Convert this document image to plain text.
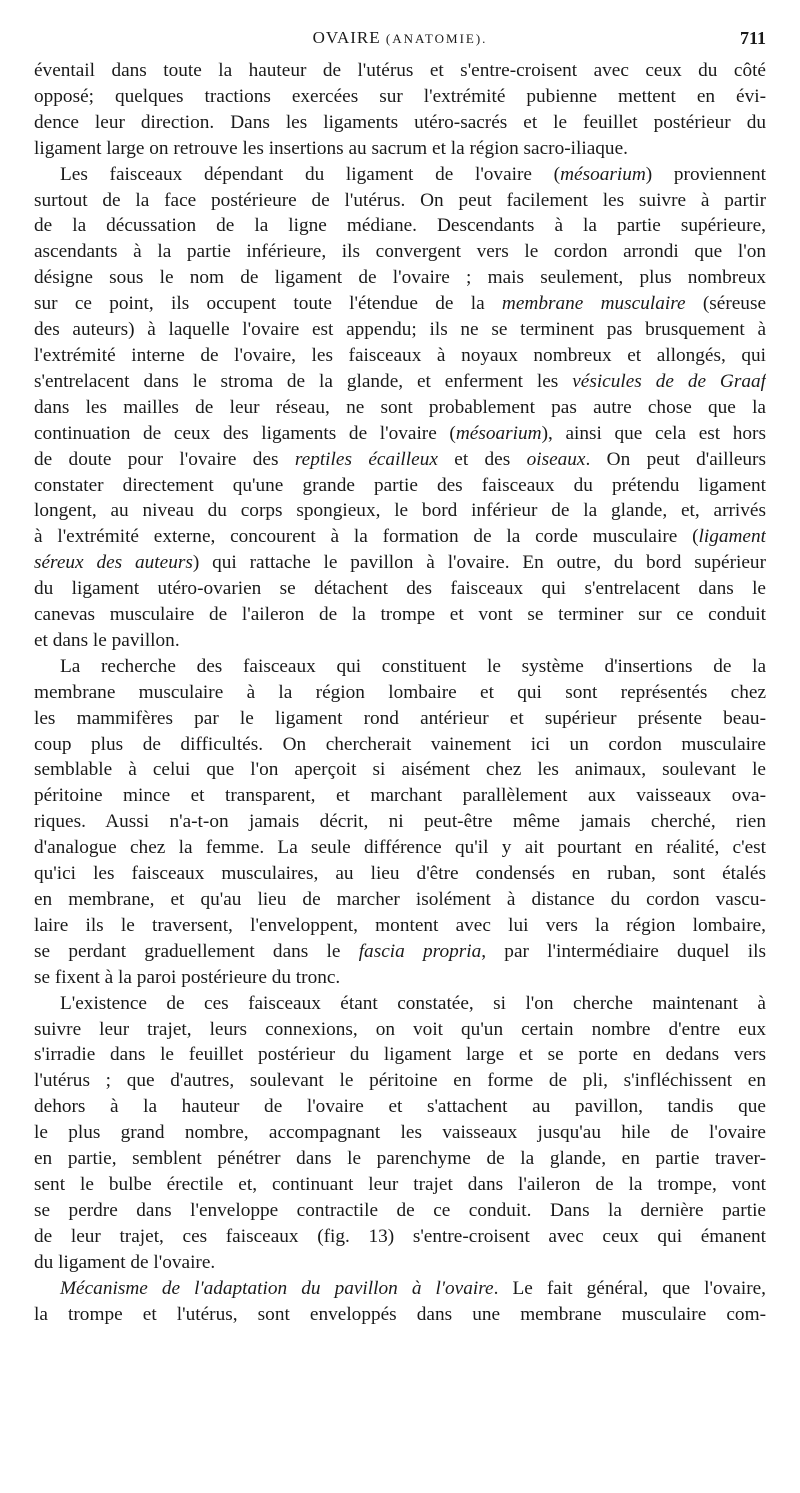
OVAIRE (ANATOMIE).	711
éventail dans toute la hauteur de l'utérus et s'entre-croisent avec ceux du côté
opposé; quelques tractions exercées sur l'extrémité pubienne mettent en évi-
dence leur direction. Dans les ligaments utéro-sacrés et le feuillet postérieur du
ligament large on retrouve les insertions au sacrum et la région sacro-iliaque.
Les faisceaux dépendant du ligament de l'ovaire (mésoarium) proviennent
surtout de la face postérieure de l'utérus. On peut facilement les suivre à partir
de la décussation de la ligne médiane. Descendants à la partie supérieure,
ascendants à la partie inférieure, ils convergent vers le cordon arrondi que l'on
désigne sous le nom de ligament de l'ovaire ; mais seulement, plus nombreux
sur ce point, ils occupent toute l'étendue de la membrane musculaire (séreuse
des auteurs) à laquelle l'ovaire est appendu; ils ne se terminent pas brusquement à
l'extrémité interne de l'ovaire, les faisceaux à noyaux nombreux et allongés, qui
s'entrelacent dans le stroma de la glande, et enferment les vésicules de de Graaf
dans les mailles de leur réseau, ne sont probablement pas autre chose que la
continuation de ceux des ligaments de l'ovaire (mésoarium), ainsi que cela est hors
de doute pour l'ovaire des reptiles écailleux et des oiseaux. On peut d'ailleurs
constater directement qu'une grande partie des faisceaux du prétendu ligament
longent, au niveau du corps spongieux, le bord inférieur de la glande, et, arrivés
à l'extrémité externe, concourent à la formation de la corde musculaire (ligament
séreux des auteurs) qui rattache le pavillon à l'ovaire. En outre, du bord supérieur
du ligament utéro-ovarien se détachent des faisceaux qui s'entrelacent dans le
canevas musculaire de l'aileron de la trompe et vont se terminer sur ce conduit
et dans le pavillon.
La recherche des faisceaux qui constituent le système d'insertions de la
membrane musculaire à la région lombaire et qui sont représentés chez
les mammifères par le ligament rond antérieur et supérieur présente beau-
coup plus de difficultés. On chercherait vainement ici un cordon musculaire
semblable à celui que l'on aperçoit si aisément chez les animaux, soulevant le
péritoine mince et transparent, et marchant parallèlement aux vaisseaux ova-
riques. Aussi n'a-t-on jamais décrit, ni peut-être même jamais cherché, rien
d'analogue chez la femme. La seule différence qu'il y ait pourtant en réalité, c'est
qu'ici les faisceaux musculaires, au lieu d'être condensés en ruban, sont étalés
en membrane, et qu'au lieu de marcher isolément à distance du cordon vascu-
laire ils le traversent, l'enveloppent, montent avec lui vers la région lombaire,
se perdant graduellement dans le fascia propria, par l'intermédiaire duquel ils
se fixent à la paroi postérieure du tronc.
L'existence de ces faisceaux étant constatée, si l'on cherche maintenant à
suivre leur trajet, leurs connexions, on voit qu'un certain nombre d'entre eux
s'irradie dans le feuillet postérieur du ligament large et se porte en dedans vers
l'utérus ; que d'autres, soulevant le péritoine en forme de pli, s'infléchissent en
dehors à la hauteur de l'ovaire et s'attachent au pavillon, tandis que
le plus grand nombre, accompagnant les vaisseaux jusqu'au hile de l'ovaire
en partie, semblent pénétrer dans le parenchyme de la glande, en partie traver-
sent le bulbe érectile et, continuant leur trajet dans l'aileron de la trompe, vont
se perdre dans l'enveloppe contractile de ce conduit. Dans la dernière partie
de leur trajet, ces faisceaux (fig. 13) s'entre-croisent avec ceux qui émanent
du ligament de l'ovaire.
Mécanisme de l'adaptation du pavillon à l'ovaire. Le fait général, que l'ovaire,
la trompe et l'utérus, sont enveloppés dans une membrane musculaire com-
